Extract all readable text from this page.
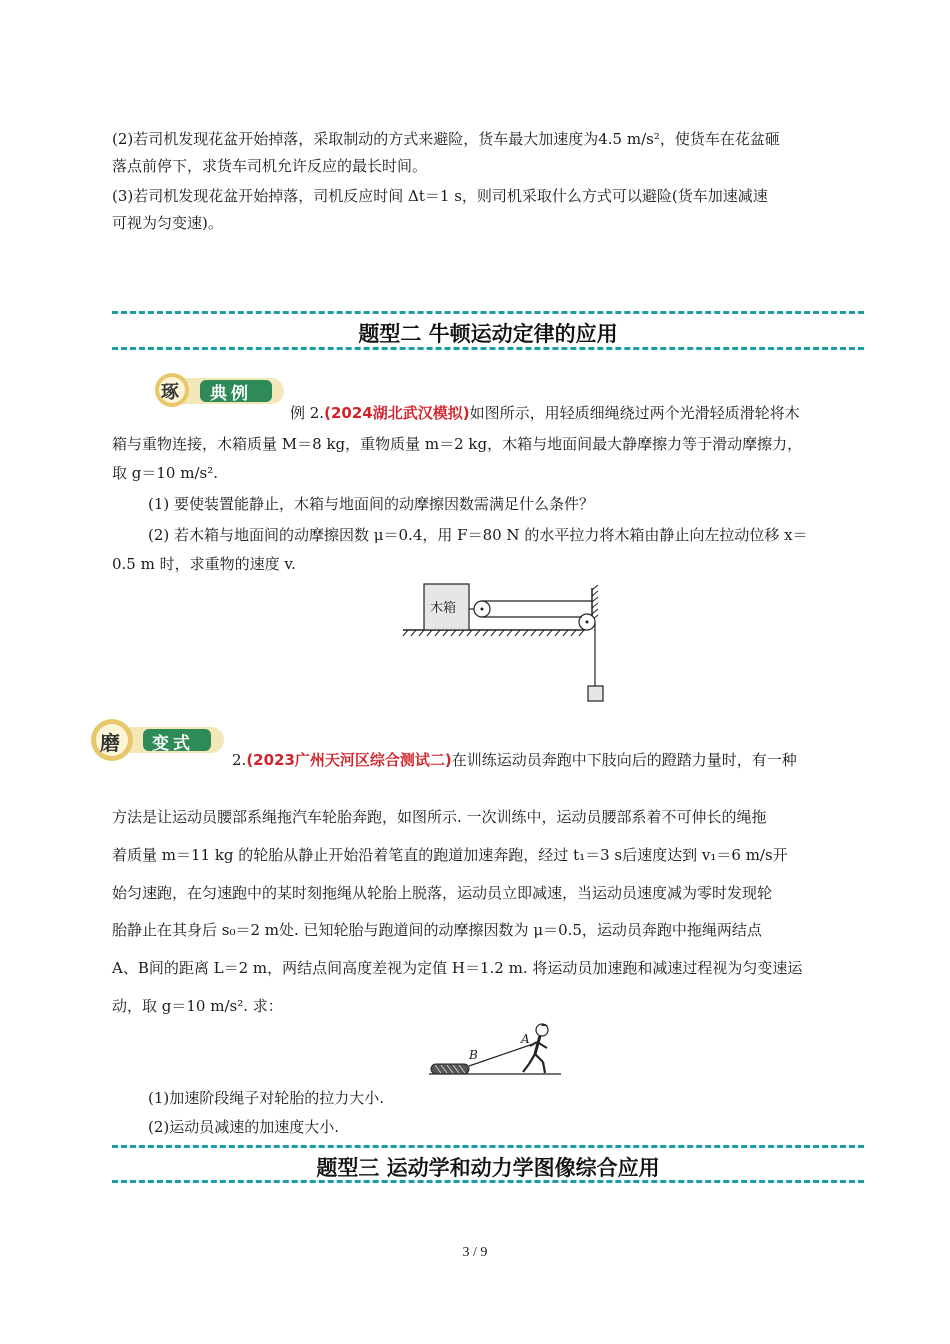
(2)若司机发现花盆开始掉落，采取制动的方式来避险，货车最大加速度为4.5 m/s²，使货车在花盆砸
落点前停下，求货车司机允许反应的最长时间。
(3)若司机发现花盆开始掉落，司机反应时间 Δt＝1 s，则司机采取什么方式可以避险(货车加速减速
可视为匀变速)。
题型二 牛顿运动定律的应用
琢 典例
例 2.(2024湖北武汉模拟)如图所示，用轻质细绳绕过两个光滑轻质滑轮将木
箱与重物连接，木箱质量 M＝8 kg，重物质量 m＝2 kg，木箱与地面间最大静摩擦力等于滑动摩擦力，
取 g＝10 m/s².
(1) 要使装置能静止，木箱与地面间的动摩擦因数需满足什么条件？
(2) 若木箱与地面间的动摩擦因数 μ＝0.4，用 F＝80 N 的水平拉力将木箱由静止向左拉动位移 x＝
0.5 m 时，求重物的速度 v.
木箱
磨 变式
2.(2023广州天河区综合测试二)在训练运动员奔跑中下肢向后的蹬踏力量时，有一种
方法是让运动员腰部系绳拖汽车轮胎奔跑，如图所示. 一次训练中，运动员腰部系着不可伸长的绳拖
着质量 m＝11 kg 的轮胎从静止开始沿着笔直的跑道加速奔跑，经过 t₁＝3 s后速度达到 v₁＝6 m/s开
始匀速跑，在匀速跑中的某时刻拖绳从轮胎上脱落，运动员立即减速，当运动员速度减为零时发现轮
胎静止在其身后 s₀＝2 m处. 已知轮胎与跑道间的动摩擦因数为 μ＝0.5，运动员奔跑中拖绳两结点
A、B间的距离 L＝2 m，两结点间高度差视为定值 H＝1.2 m. 将运动员加速跑和减速过程视为匀变速运
动，取 g＝10 m/s². 求：
A
B
(1)加速阶段绳子对轮胎的拉力大小.
(2)运动员减速的加速度大小.
题型三 运动学和动力学图像综合应用
3 / 9
